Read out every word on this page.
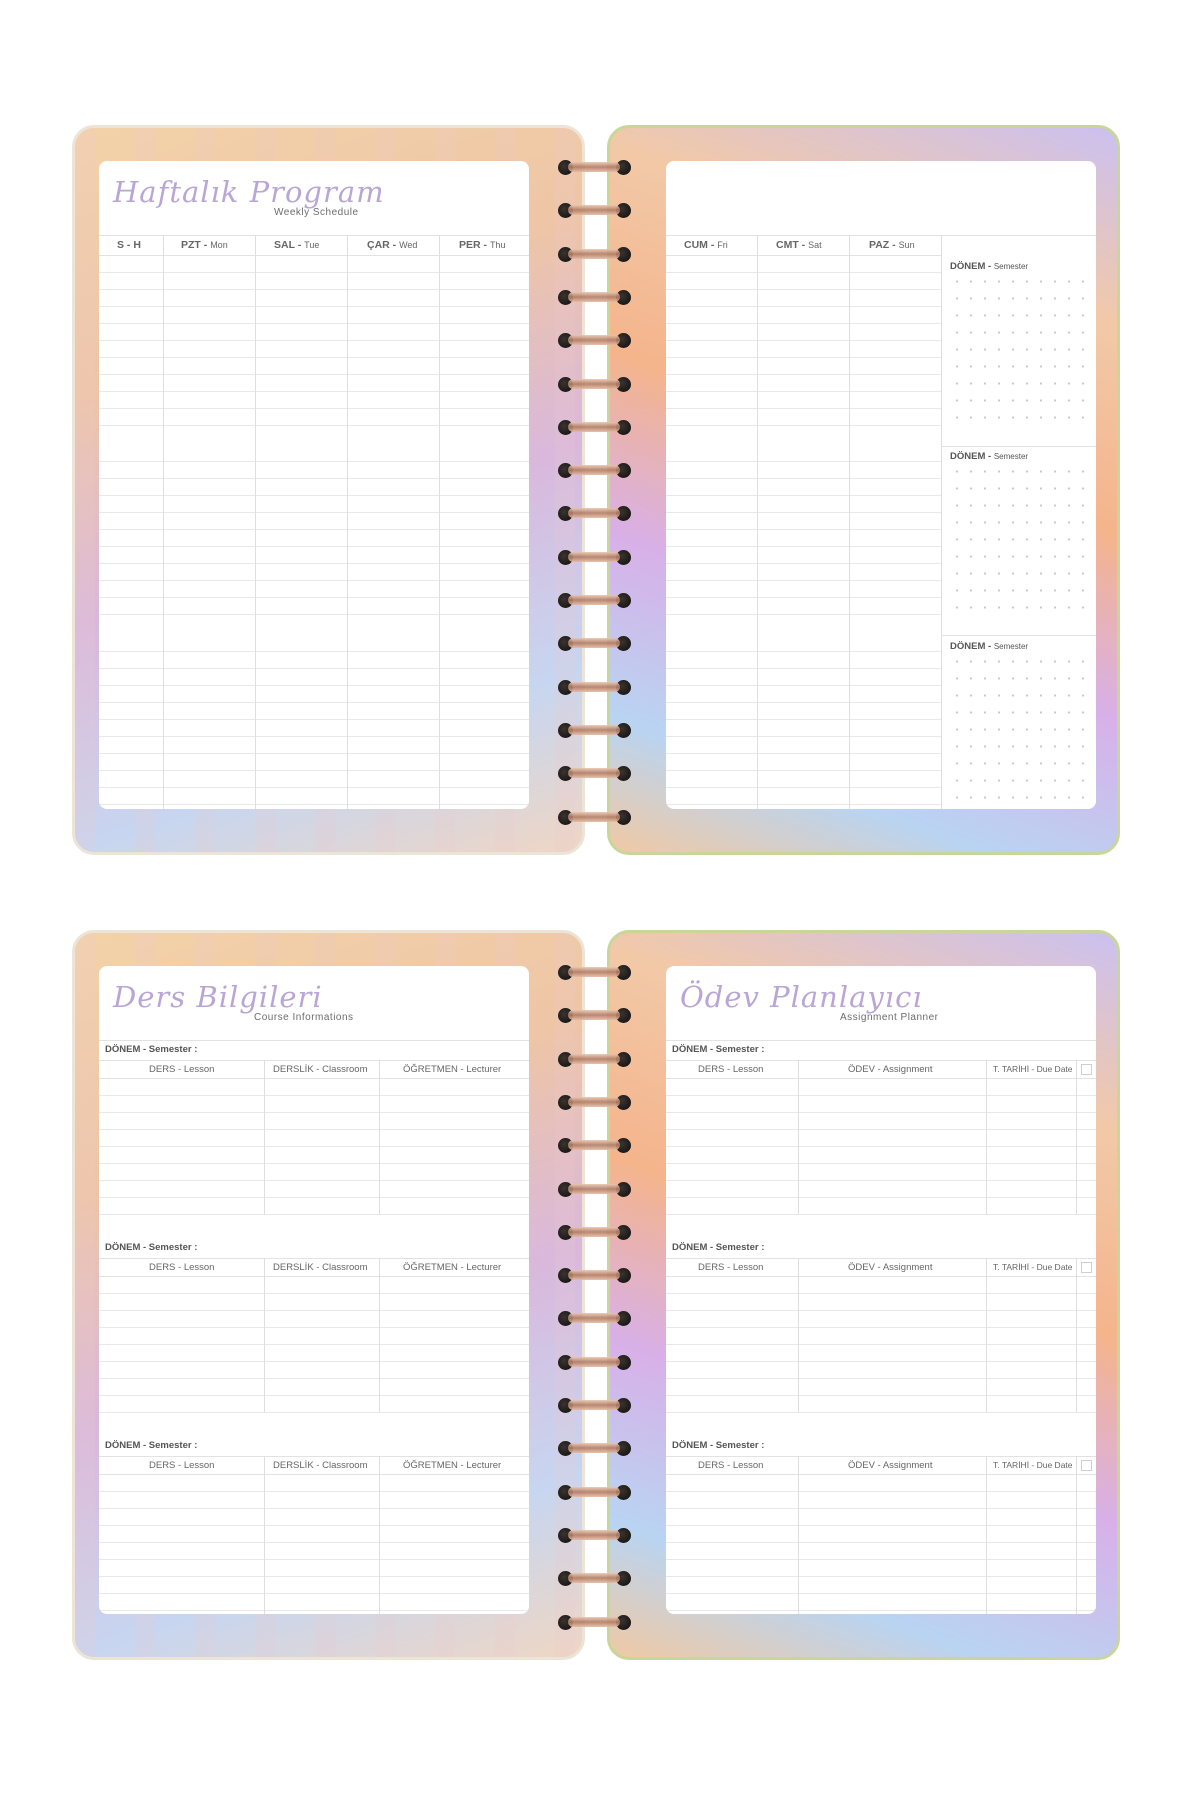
Haftalık Program
Weekly Schedule
S - H	PZT - Mon	SAL - Tue	ÇAR - Wed	PER - Thu	CUM - Fri	CMT - Sat	PAZ - Sun
DÖNEM - Semester
DÖNEM - Semester
DÖNEM - Semester
Ders Bilgileri
Course Informations
DÖNEM - Semester :
DERS - Lesson	DERSLİK - Classroom	ÖĞRETMEN - Lecturer
DÖNEM - Semester :
DERS - Lesson	DERSLİK - Classroom	ÖĞRETMEN - Lecturer
DÖNEM - Semester :
DERS - Lesson	DERSLİK - Classroom	ÖĞRETMEN - Lecturer
Ödev Planlayıcı
Assignment Planner
DÖNEM - Semester :
DERS - Lesson	ÖDEV - Assignment	T. TARİHİ - Due Date
DÖNEM - Semester :
DERS - Lesson	ÖDEV - Assignment	T. TARİHİ - Due Date
DÖNEM - Semester :
DERS - Lesson	ÖDEV - Assignment	T. TARİHİ - Due Date
